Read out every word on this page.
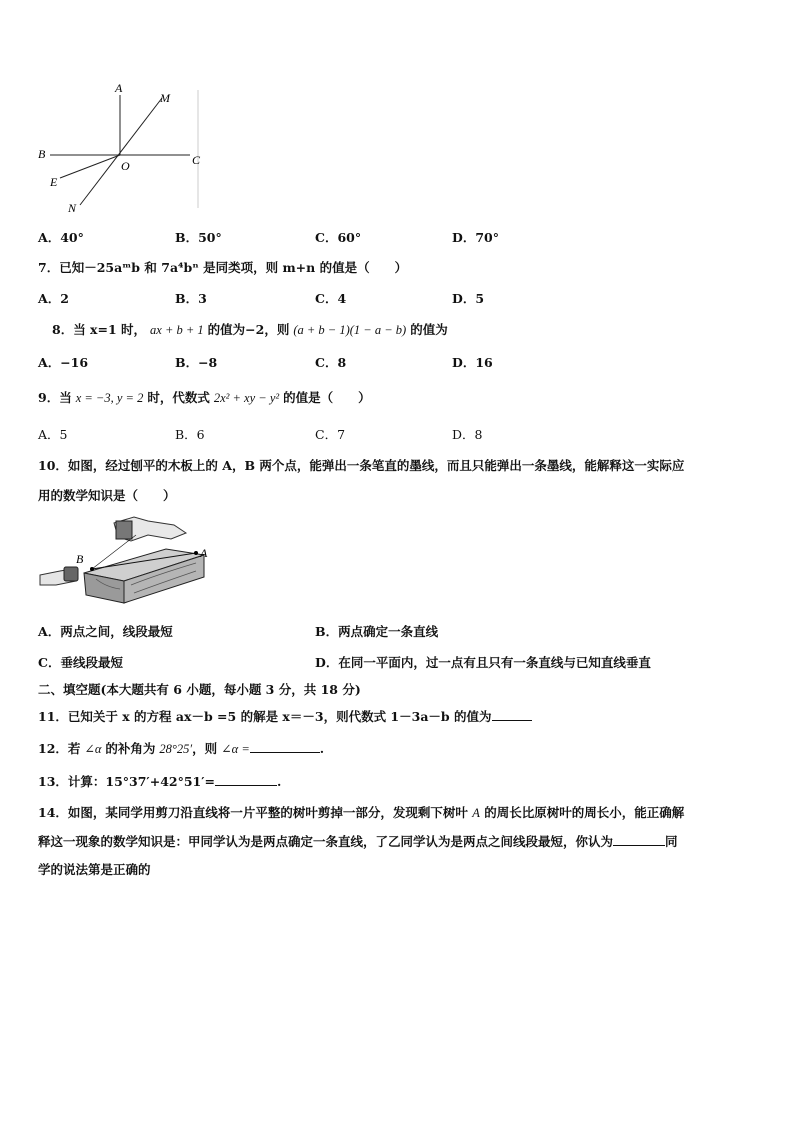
A
M
B
O	C
E
N
A．40°	B．50°	C．60°	D．70°
7．已知－25aᵐb 和 7a⁴bⁿ 是同类项，则 m+n 的值是（　　）
A．2	B．3	C．4	D．5
8．当 x=1 时， ax + b + 1 的值为−2，则 (a + b − 1)(1 − a − b) 的值为
A．−16	B．−8	C．8	D．16
9．当 x = −3, y = 2 时，代数式 2x² + xy − y² 的值是（　　）
A．5	B．6	C．7	D．8
10．如图，经过刨平的木板上的 A，B 两个点，能弹出一条笔直的墨线，而且只能弹出一条墨线，能解释这一实际应
用的数学知识是（　　）
B	A
A．两点之间，线段最短	B．两点确定一条直线
C．垂线段最短	D．在同一平面内，过一点有且只有一条直线与已知直线垂直
二、填空题(本大题共有 6 小题，每小题 3 分，共 18 分)
11．已知关于 x 的方程 ax－b =5 的解是 x＝－3，则代数式 1－3a－b 的值为
12．若 ∠α 的补角为 28°25′，则 ∠α =	.
13．计算：15°37′+42°51′=	.
14．如图，某同学用剪刀沿直线将一片平整的树叶剪掉一部分，发现剩下树叶 A 的周长比原树叶的周长小，能正确解
释这一现象的数学知识是：甲同学认为是两点确定一条直线，了乙同学认为是两点之间线段最短，你认为	同
学的说法第是正确的
